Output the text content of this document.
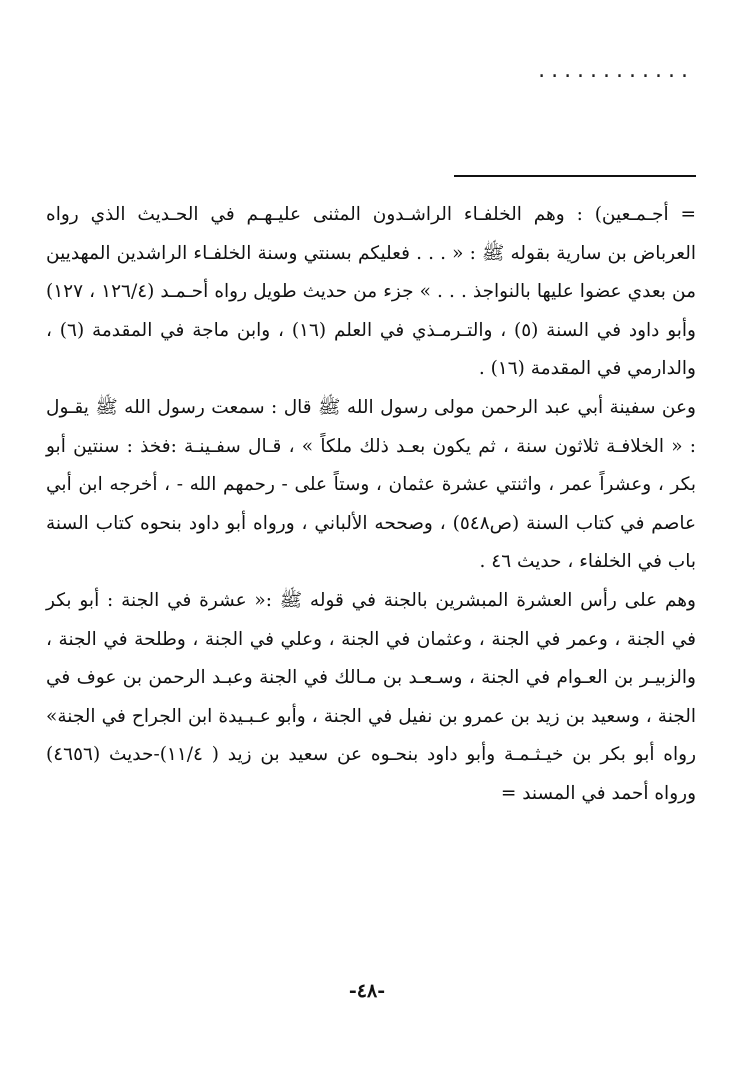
............

= أجـمـعين) : وهم الخلفـاء الراشـدون المثنى عليـهـم في الحـديث الذي رواه العرباض بن سارية بقوله ﷺ : « . . . فعليكم بسنتي وسنة الخلفـاء الراشدين المهديين من بعدي عضوا عليها بالنواجذ . . . » جزء من حديث طويل رواه أحـمـد (١٢٦/٤ ، ١٢٧) وأبو داود في السنة (٥) ، والتـرمـذي في العلم (١٦) ، وابن ماجة في المقدمة (٦) ، والدارمي في المقدمة (١٦) .

وعن سفينة أبي عبد الرحمن مولى رسول الله ﷺ قال : سمعت رسول الله ﷺ يقـول : « الخلافـة ثلاثون سنة ، ثم يكون بعـد ذلك ملكاً » ، قـال سفـينـة :فخذ : سنتين أبو بكر ، وعشراً عمر ، واثنتي عشرة عثمان ، وستاً على - رحمهم الله - ، أخرجه ابن أبي عاصم في كتاب السنة (ص٥٤٨) ، وصححه الألباني ، ورواه أبو داود بنحوه كتاب السنة باب في الخلفاء ، حديث ٤٦ .

وهم على رأس العشرة المبشرين بالجنة في قوله ﷺ :« عشرة في الجنة : أبو بكر في الجنة ، وعمر في الجنة ، وعثمان في الجنة ، وعلي في الجنة ، وطلحة في الجنة ، والزبيـر بن العـوام في الجنة ، وسـعـد بن مـالك في الجنة وعبـد الرحمن بن عوف في الجنة ، وسعيد بن زيد بن عمرو بن نفيل في الجنة ، وأبو عـبـيدة ابن الجراح في الجنة» رواه أبو بكر بن خيـثـمـة وأبو داود بنحـوه عن سعيد بن زيد ( ١١/٤)-حديث (٤٦٥٦) ورواه أحمد في المسند =

-٤٨-
